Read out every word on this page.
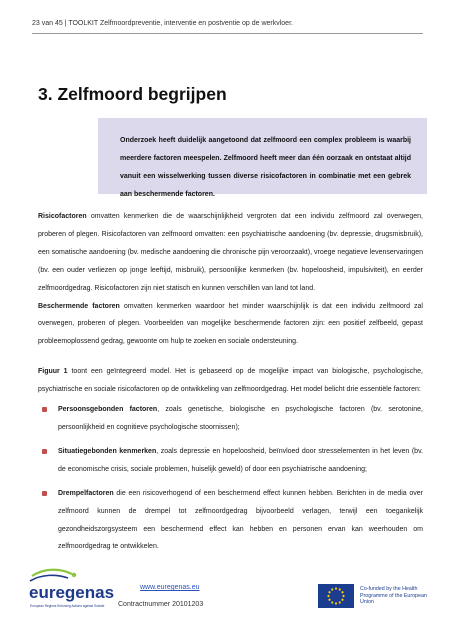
23 van 45 | TOOLKIT Zelfmoordpreventie, interventie en postventie op de werkvloer.
3. Zelfmoord begrijpen

Onderzoek heeft duidelijk aangetoond dat zelfmoord een complex probleem is waarbij meerdere factoren meespelen. Zelfmoord heeft meer dan één oorzaak en ontstaat altijd vanuit een wisselwerking tussen diverse risicofactoren in combinatie met een gebrek aan beschermende factoren.

Risicofactoren omvatten kenmerken die de waarschijnlijkheid vergroten dat een individu zelfmoord zal overwegen, proberen of plegen. Risicofactoren van zelfmoord omvatten: een psychiatrische aandoening (bv. depressie, drugsmisbruik), een somatische aandoening (bv. medische aandoening die chronische pijn veroorzaakt), vroege negatieve levenservaringen (bv. een ouder verliezen op jonge leeftijd, misbruik), persoonlijke kenmerken (bv. hopeloosheid, impulsiviteit), en eerder zelfmoordgedrag. Risicofactoren zijn niet statisch en kunnen verschillen van land tot land.

Beschermende factoren omvatten kenmerken waardoor het minder waarschijnlijk is dat een individu zelfmoord zal overwegen, proberen of plegen. Voorbeelden van mogelijke beschermende factoren zijn: een positief zelfbeeld, gepast probleemoplossend gedrag, gewoonte om hulp te zoeken en sociale ondersteuning.

Figuur 1 toont een geïntegreerd model. Het is gebaseerd op de mogelijke impact van biologische, psychologische, psychiatrische en sociale risicofactoren op de ontwikkeling van zelfmoordgedrag. Het model belicht drie essentiële factoren:

Persoonsgebonden factoren, zoals genetische, biologische en psychologische factoren (bv. serotonine, persoonlijkheid en cognitieve psychologische stoornissen);
Situatiegebonden kenmerken, zoals depressie en hopeloosheid, beïnvloed door stresselementen in het leven (bv. de economische crisis, sociale problemen, huiselijk geweld) of door een psychiatrische aandoening;
Drempelfactoren die een risicoverhogend of een beschermend effect kunnen hebben. Berichten in de media over zelfmoord kunnen de drempel tot zelfmoordgedrag bijvoorbeeld verlagen, terwijl een toegankelijk gezondheidszorgsysteem een beschermend effect kan hebben en personen ervan kan weerhouden om zelfmoordgedrag te ontwikkelen.
euregenas
European Regions Enforcing Actions against Suicide
www.euregenas.eu
Contractnummer 20101203
Co-funded by the Health Programme of the European Union
